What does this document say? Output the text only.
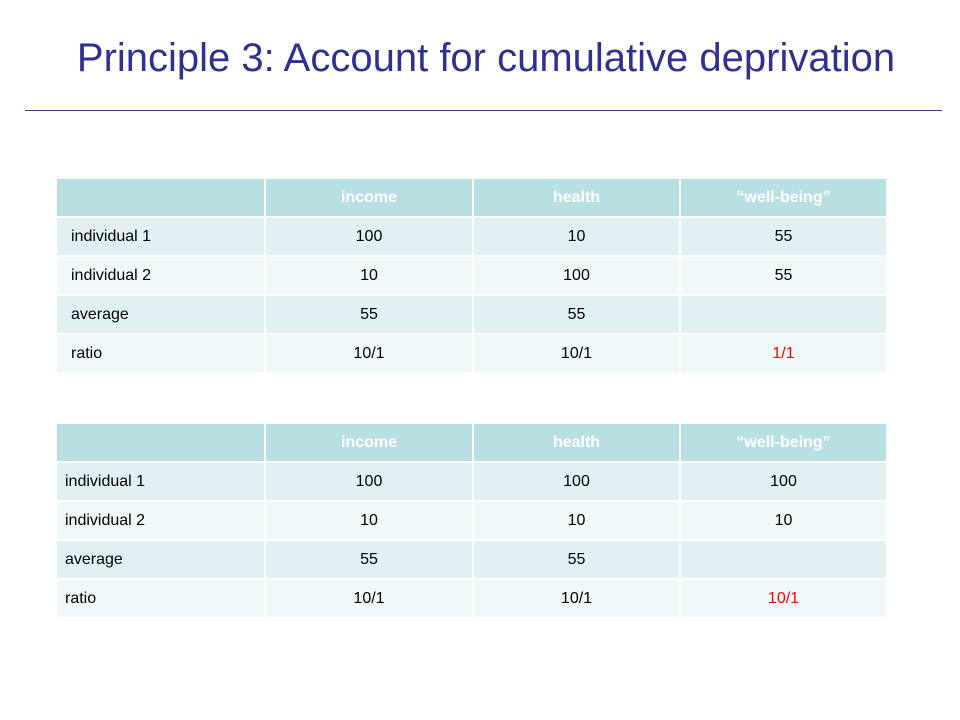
Principle 3: Account for cumulative deprivation
	income	health	“well-being”
individual 1	100	10	55
individual 2	10	100	55
average	55	55	
ratio	10/1	10/1	1/1
	income	health	“well-being”
individual 1	100	100	100
individual 2	10	10	10
average	55	55	
ratio	10/1	10/1	10/1
